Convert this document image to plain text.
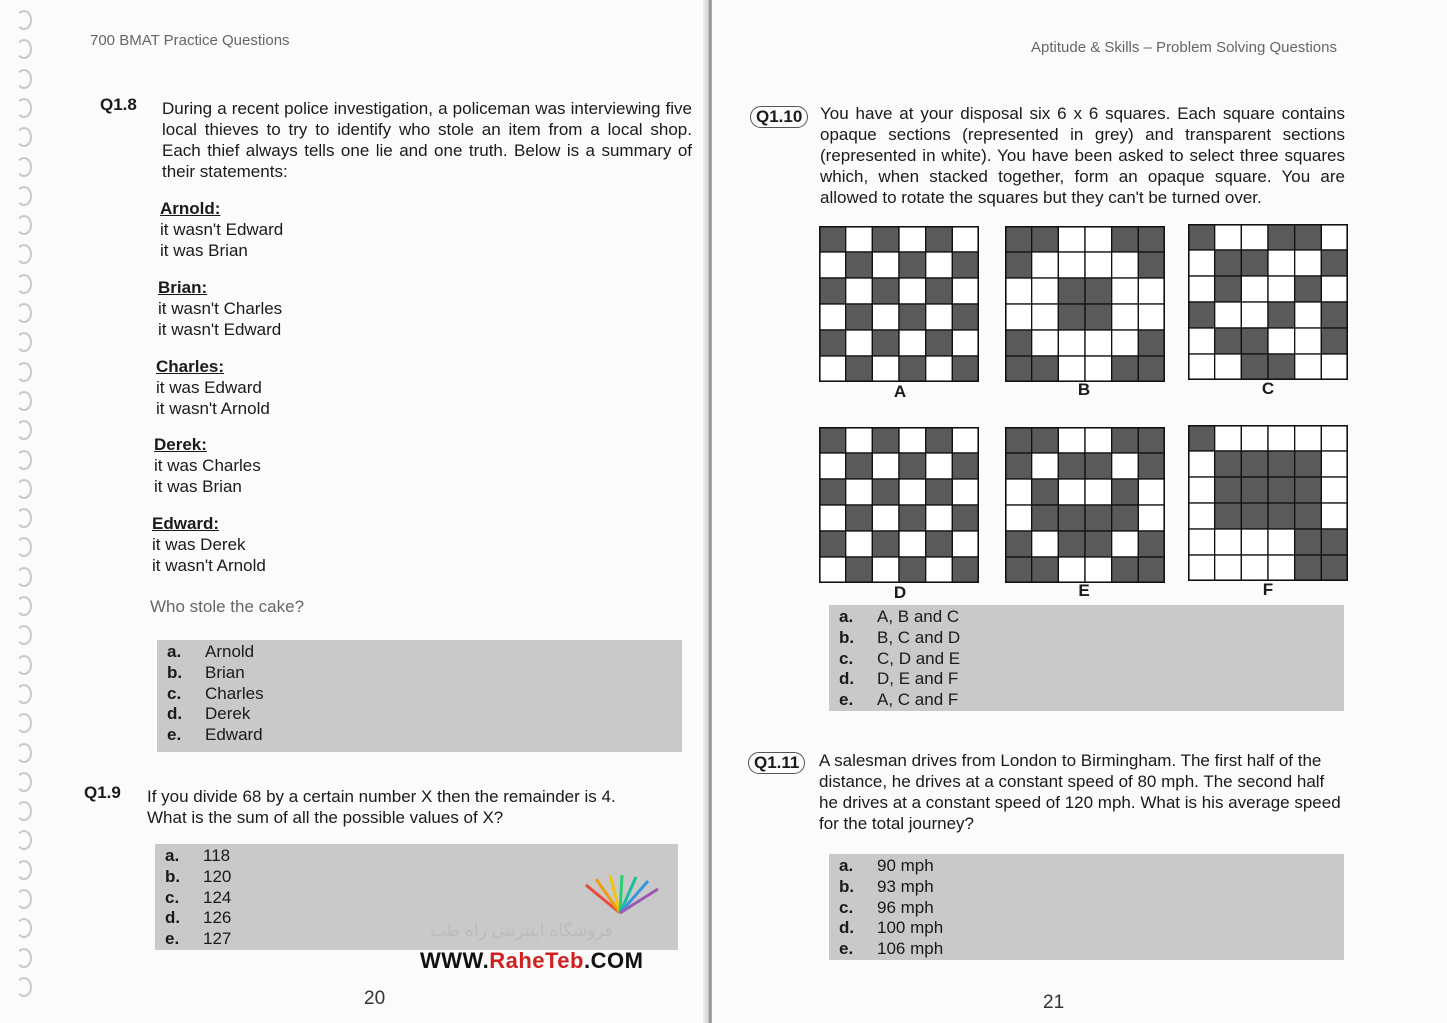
700 BMAT Practice Questions
Q1.8 During a recent police investigation, a policeman was interviewing five local thieves to try to identify who stole an item from a local shop. Each thief always tells one lie and one truth. Below is a summary of their statements:
Arnold:
it wasn't Edward
it was Brian
Brian:
it wasn't Charles
it wasn't Edward
Charles:
it was Edward
it wasn't Arnold
Derek:
it was Charles
it was Brian
Edward:
it was Derek
it wasn't Arnold
Who stole the cake?
a. Arnold
b. Brian
c. Charles
d. Derek
e. Edward
Q1.9 If you divide 68 by a certain number X then the remainder is 4. What is the sum of all the possible values of X?
a. 118
b. 120
c. 124
d. 126
e. 127
20
Aptitude & Skills – Problem Solving Questions
Q1.10	You have at your disposal six 6 x 6 squares. Each square contains opaque sections (represented in grey) and transparent sections (represented in white). You have been asked to select three squares which, when stacked together, form an opaque square. You are allowed to rotate the squares but they can't be turned over.
A	B	C
D	E	F
a. A, B and C
b. B, C and D
c. C, D and E
d. D, E and F
e. A, C and F
Q1.11	A salesman drives from London to Birmingham. The first half of the distance, he drives at a constant speed of 80 mph. The second half he drives at a constant speed of 120 mph. What is his average speed for the total journey?
a. 90 mph
b. 93 mph
c. 96 mph
d. 100 mph
e. 106 mph
21
فروشگاه اینترنتی راه طب
WWW.RaheTeb.COM
